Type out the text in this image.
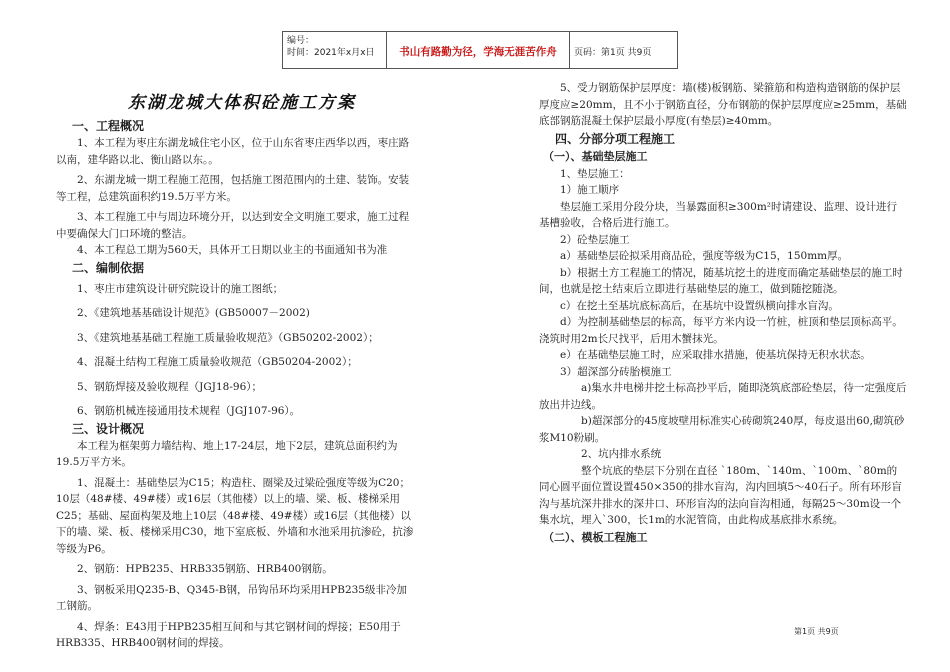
编号：
时间：2021年x月x日	书山有路勤为径，学海无涯苦作舟	页码：第1页 共9页
东湖龙城大体积砼施工方案

一、工程概况

1、本工程为枣庄东湖龙城住宅小区，位于山东省枣庄西华以西，枣庄路以南，建华路以北、衡山路以东。。

2、东湖龙城一期工程施工范围，包括施工图范围内的土建、装饰。安装等工程，总建筑面积约19.5万平方米。

3、本工程施工中与周边环境分开，以达到安全文明施工要求，施工过程中要确保大门口环境的整洁。

4、本工程总工期为560天，具体开工日期以业主的书面通知书为准

二、编制依据

1、枣庄市建筑设计研究院设计的施工图纸；

2、《建筑地基基础设计规范》(GB50007－2002)

3、《建筑地基基础工程施工质量验收规范》（GB50202-2002）；

4、混凝土结构工程施工质量验收规范（GB50204-2002）；

5、钢筋焊接及验收规程（JGJ18-96）；

6、钢筋机械连接通用技术规程（JGJ107-96）。

三、设计概况

本工程为框架剪力墙结构、地上17-24层，地下2层，建筑总面积约为19.5万平方米。

1、混凝土：基础垫层为C15；构造柱、圈梁及过梁砼强度等级为C20；10层（48#楼、49#楼）或16层（其他楼）以上的墙、梁、板、楼梯采用C25；基础、屋面构架及地上10层（48#楼、49#楼）或16层（其他楼）以下的墙、梁、板、楼梯采用C30，地下室底板、外墙和水池采用抗渗砼，抗渗等级为P6。

2、钢筋：HPB235、HRB335钢筋、HRB400钢筋。

3、钢板采用Q235-B、Q345-B钢，吊钩吊环均采用HPB235级非冷加工钢筋。

4、焊条：E43用于HPB235相互间和与其它钢材间的焊接；E50用于HRB335、HRB400钢材间的焊接。

5、受力钢筋保护层厚度：墙(楼)板钢筋、梁箍筋和构造构造钢筋的保护层厚度应≥20mm，且不小于钢筋直径，分布钢筋的保护层厚度应≥25mm，基础底部钢筋混凝土保护层最小厚度(有垫层)≥40mm。

四、分部分项工程施工

（一）、基础垫层施工

1、垫层施工：

1）施工顺序

垫层施工采用分段分块，当暴露面积≥300m²时请建设、监理、设计进行基槽验收，合格后进行施工。

2）砼垫层施工

a）基础垫层砼拟采用商品砼，强度等级为C15，150mm厚。

b）根据土方工程施工的情况，随基坑挖土的进度而确定基础垫层的施工时间，也就是挖土结束后立即进行基础垫层的施工，做到随挖随浇。

c）在挖土至基坑底标高后，在基坑中设置纵横向排水盲沟。

d）为控制基础垫层的标高，每平方米内设一竹桩，桩顶和垫层顶标高平。浇筑时用2m长尺找平，后用木蟹抹光。

e）在基础垫层施工时，应采取排水措施，使基坑保持无积水状态。

3）超深部分砖胎模施工

a)集水井电梯井挖土标高抄平后，随即浇筑底部砼垫层，待一定强度后放出井边线。

b)超深部分的45度坡壁用标准实心砖砌筑240厚，每皮退出60,砌筑砂浆M10粉刷。

2、坑内排水系统

整个坑底的垫层下分别在直径 `180m、`140m、`100m、`80m的同心圆平面位置设置450×350的排水盲沟，沟内回填5～40石子。所有环形盲沟与基坑深井排水的深井口、环形盲沟的法向盲沟相通，每隔25～30m设一个集水坑，埋入`300，长1m的水泥管筒，由此构成基底排水系统。

（二）、模板工程施工

第1页 共9页
